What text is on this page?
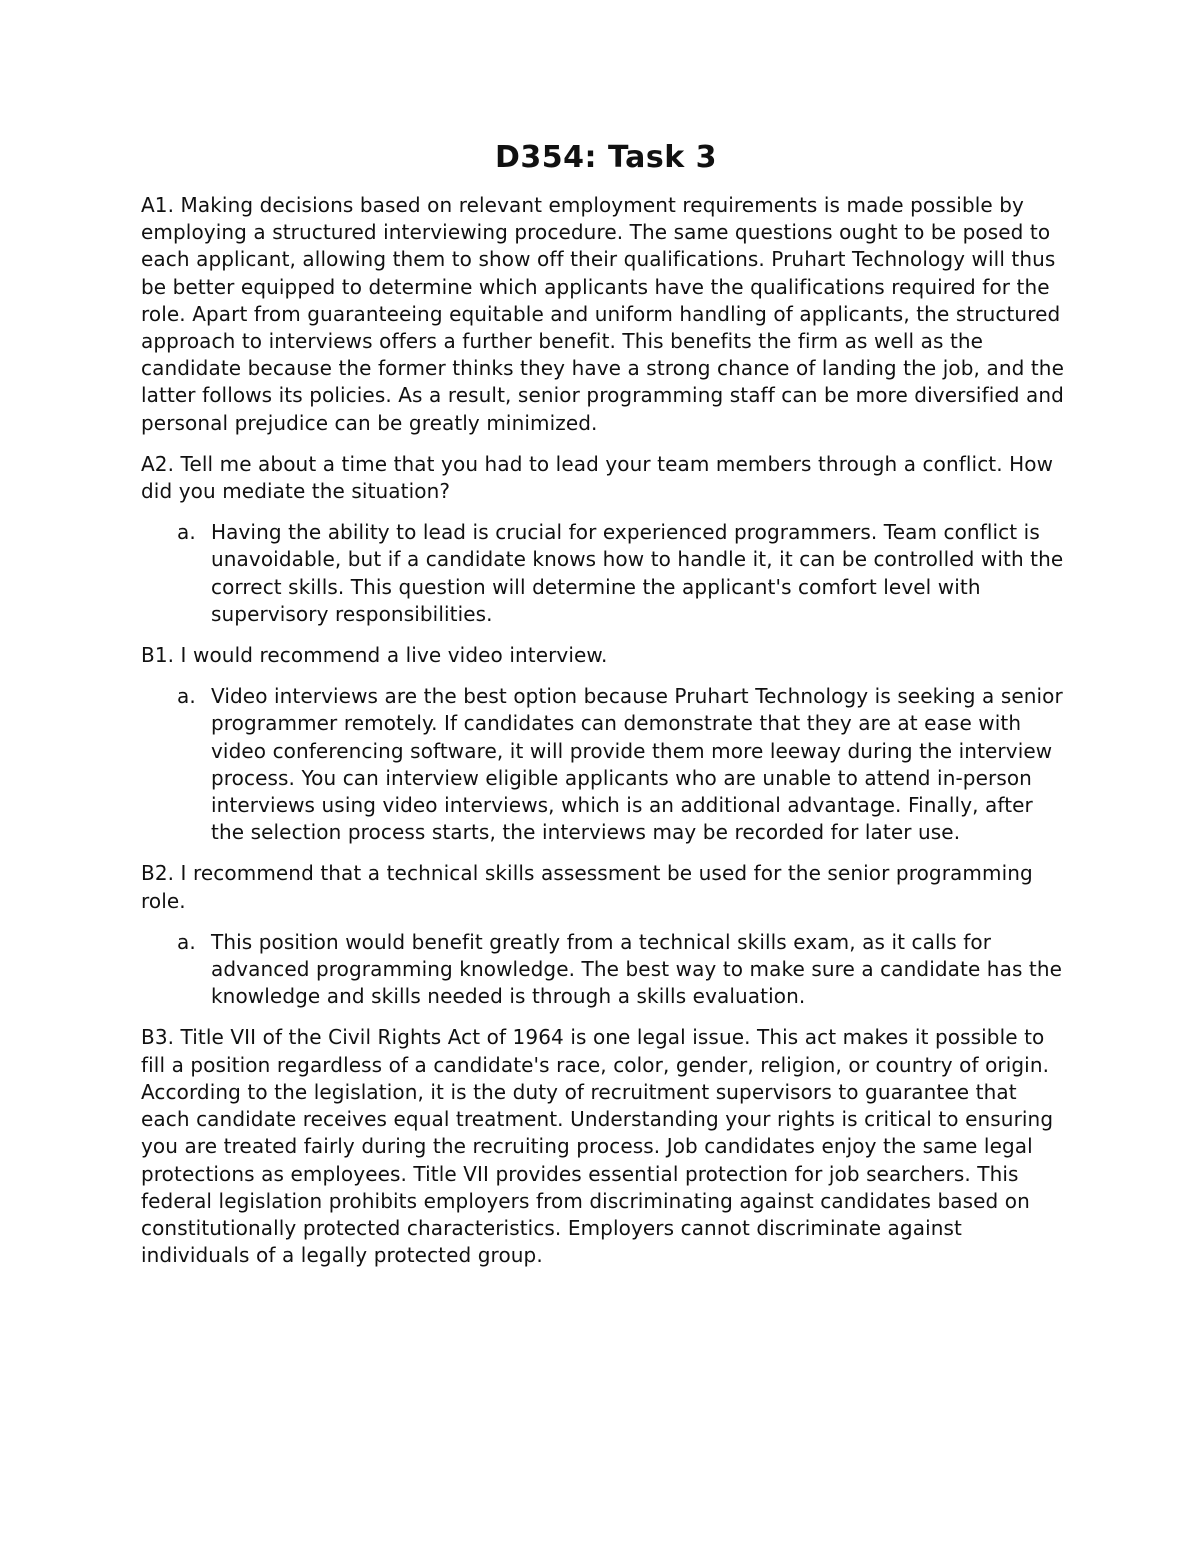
D354: Task 3

A1. Making decisions based on relevant employment requirements is made possible by employing a structured interviewing procedure. The same questions ought to be posed to each applicant, allowing them to show off their qualifications. Pruhart Technology will thus be better equipped to determine which applicants have the qualifications required for the role. Apart from guaranteeing equitable and uniform handling of applicants, the structured approach to interviews offers a further benefit. This benefits the firm as well as the candidate because the former thinks they have a strong chance of landing the job, and the latter follows its policies. As a result, senior programming staff can be more diversified and personal prejudice can be greatly minimized.

A2. Tell me about a time that you had to lead your team members through a conflict. How did you mediate the situation?

a. Having the ability to lead is crucial for experienced programmers. Team conflict is unavoidable, but if a candidate knows how to handle it, it can be controlled with the correct skills. This question will determine the applicant's comfort level with supervisory responsibilities.

B1. I would recommend a live video interview.

a. Video interviews are the best option because Pruhart Technology is seeking a senior programmer remotely. If candidates can demonstrate that they are at ease with video conferencing software, it will provide them more leeway during the interview process. You can interview eligible applicants who are unable to attend in-person interviews using video interviews, which is an additional advantage. Finally, after the selection process starts, the interviews may be recorded for later use.

B2. I recommend that a technical skills assessment be used for the senior programming role.

a. This position would benefit greatly from a technical skills exam, as it calls for advanced programming knowledge. The best way to make sure a candidate has the knowledge and skills needed is through a skills evaluation.

B3. Title VII of the Civil Rights Act of 1964 is one legal issue. This act makes it possible to fill a position regardless of a candidate's race, color, gender, religion, or country of origin. According to the legislation, it is the duty of recruitment supervisors to guarantee that each candidate receives equal treatment. Understanding your rights is critical to ensuring you are treated fairly during the recruiting process. Job candidates enjoy the same legal protections as employees. Title VII provides essential protection for job searchers. This federal legislation prohibits employers from discriminating against candidates based on constitutionally protected characteristics. Employers cannot discriminate against individuals of a legally protected group.
